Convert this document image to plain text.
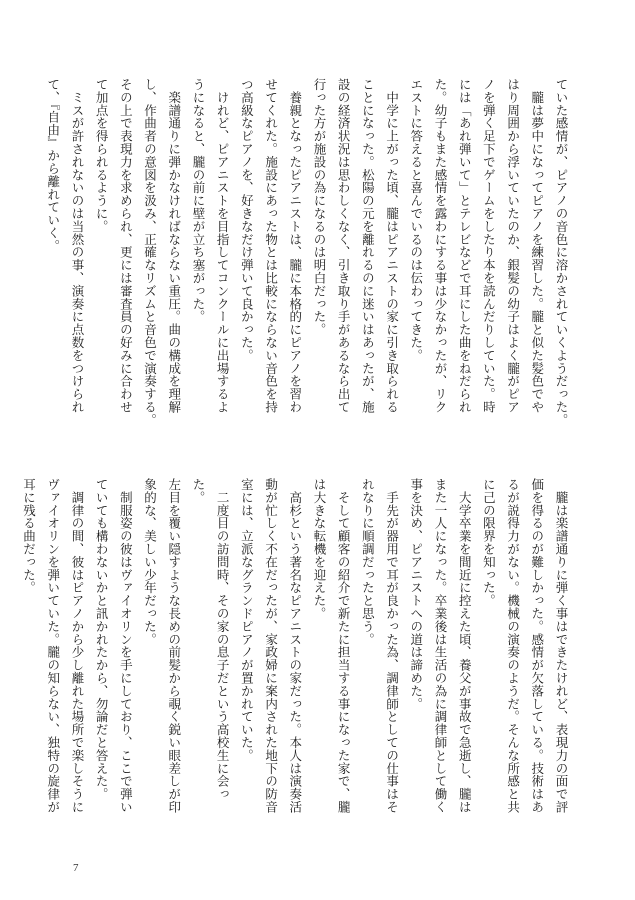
ていた感情が、ピアノの音色に溶かされていくようだった。

　朧は夢中になってピアノを練習した。朧と似た髪色でや

はり周囲から浮いていたのか、銀髪の幼子はよく朧がピア

ノを弾く足下でゲームをしたり本を読んだりしていた。時

には「あれ弾いて」とテレビなどで耳にした曲をねだられ

た。幼子もまた感情を露わにする事は少なかったが、リク

エストに答えると喜んでいるのは伝わってきた。

　中学に上がった頃、朧はピアニストの家に引き取られる

ことになった。松陽の元を離れるのに迷いはあったが、施

設の経済状況は思わしくなく、引き取り手があるなら出て

行った方が施設の為になるのは明白だった。

　養親となったピアニストは、朧に本格的にピアノを習わ

せてくれた。施設にあった物とは比較にならない音色を持

つ高級なピアノを、好きなだけ弾いて良かった。

　けれど、ピアニストを目指してコンクールに出場するよ

うになると、朧の前に壁が立ち塞がった。

　楽譜通りに弾かなければならない重圧。曲の構成を理解

し、作曲者の意図を汲み、正確なリズムと音色で演奏する。

その上で表現力を求められ、更には審査員の好みに合わせ

て加点を得られるように。

　ミスが許されないのは当然の事、演奏に点数をつけられ

て、『自由』から離れていく。

　朧は楽譜通りに弾く事はできたけれど、表現力の面で評

価を得るのが難しかった。感情が欠落している。技術はあ

るが説得力がない。機械の演奏のようだ。そんな所感と共

に己の限界を知った。

　大学卒業を間近に控えた頃、養父が事故で急逝し、朧は

また一人になった。卒業後は生活の為に調律師として働く

事を決め、ピアニストへの道は諦めた。

　手先が器用で耳が良かった為、調律師としての仕事はそ

れなりに順調だったと思う。

　そして顧客の紹介で新たに担当する事になった家で、朧

は大きな転機を迎えた。

　高杉という著名なピアニストの家だった。本人は演奏活

動が忙しく不在だったが、家政婦に案内された地下の防音

室には、立派なグランドピアノが置かれていた。

　二度目の訪問時、その家の息子だという高校生に会った。

左目を覆い隠すような長めの前髪から覗く鋭い眼差しが印

象的な、美しい少年だった。

　制服姿の彼はヴァイオリンを手にしており、ここで弾い

ていても構わないかと訊かれたから、勿論だと答えた。

　調律の間、彼はピアノから少し離れた場所で楽しそうに

ヴァイオリンを弾いていた。朧の知らない、独特の旋律が

耳に残る曲だった。

7
